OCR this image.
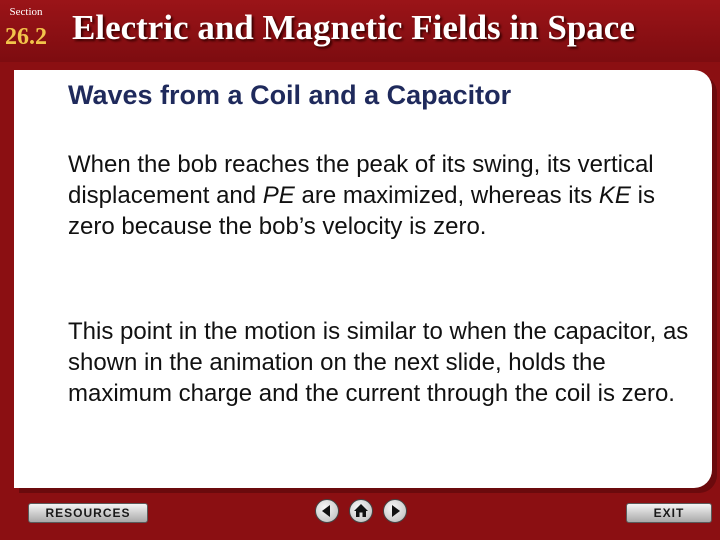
Section
26.2 Electric and Magnetic Fields in Space
Waves from a Coil and a Capacitor
When the bob reaches the peak of its swing, its vertical displacement and PE are maximized, whereas its KE is zero because the bob’s velocity is zero.
This point in the motion is similar to when the capacitor, as shown in the animation on the next slide, holds the maximum charge and the current through the coil is zero.
RESOURCES	EXIT
